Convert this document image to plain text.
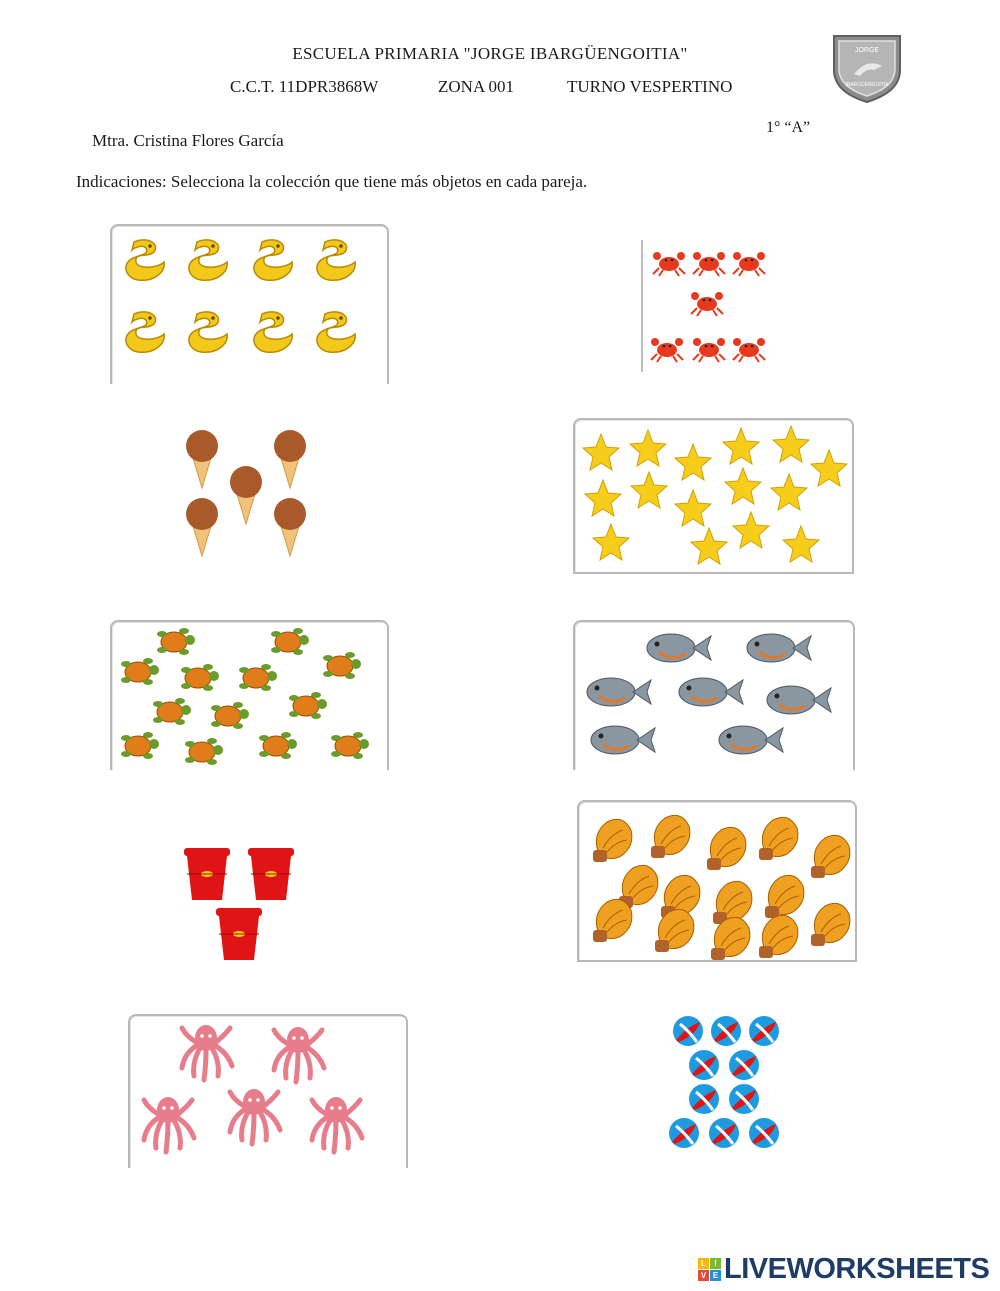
ESCUELA PRIMARIA "JORGE IBARGÜENGOITIA"
C.C.T. 11DPR3868W	ZONA 001	TURNO VESPERTINO
1° “A”
JORGE
IBARGÜENGOITIA
Mtra. Cristina Flores García
Indicaciones: Selecciona la colección que tiene más objetos en cada pareja.
L	I
V E LIVEWORKSHEETS
